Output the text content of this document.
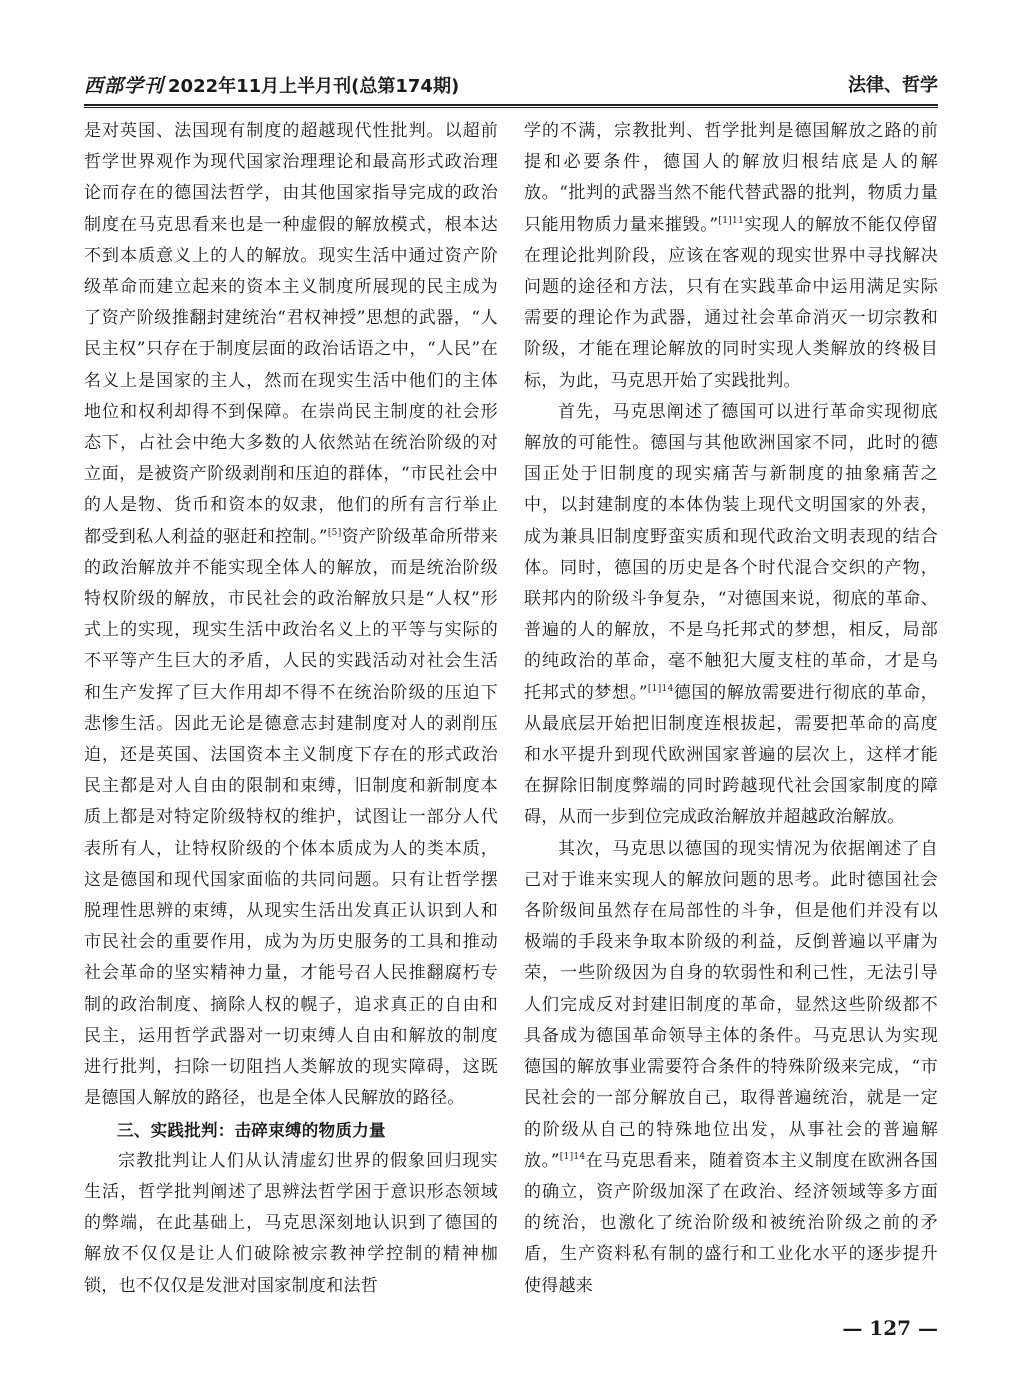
西部学刊 2022年11月上半月刊(总第174期)	法律、哲学

是对英国、法国现有制度的超越现代性批判。以超前哲学世界观作为现代国家治理理论和最高形式政治理论而存在的德国法哲学，由其他国家指导完成的政治制度在马克思看来也是一种虚假的解放模式，根本达不到本质意义上的人的解放。现实生活中通过资产阶级革命而建立起来的资本主义制度所展现的民主成为了资产阶级推翻封建统治“君权神授”思想的武器，“人民主权”只存在于制度层面的政治话语之中，“人民”在名义上是国家的主人，然而在现实生活中他们的主体地位和权利却得不到保障。在崇尚民主制度的社会形态下，占社会中绝大多数的人依然站在统治阶级的对立面，是被资产阶级剥削和压迫的群体，“市民社会中的人是物、货币和资本的奴隶，他们的所有言行举止都受到私人利益的驱赶和控制。”[5]资产阶级革命所带来的政治解放并不能实现全体人的解放，而是统治阶级特权阶级的解放，市民社会的政治解放只是“人权”形式上的实现，现实生活中政治名义上的平等与实际的不平等产生巨大的矛盾，人民的实践活动对社会生活和生产发挥了巨大作用却不得不在统治阶级的压迫下悲惨生活。因此无论是德意志封建制度对人的剥削压迫，还是英国、法国资本主义制度下存在的形式政治民主都是对人自由的限制和束缚，旧制度和新制度本质上都是对特定阶级特权的维护，试图让一部分人代表所有人，让特权阶级的个体本质成为人的类本质，这是德国和现代国家面临的共同问题。只有让哲学摆脱理性思辨的束缚，从现实生活出发真正认识到人和市民社会的重要作用，成为为历史服务的工具和推动社会革命的坚实精神力量，才能号召人民推翻腐朽专制的政治制度、摘除人权的幌子，追求真正的自由和民主，运用哲学武器对一切束缚人自由和解放的制度进行批判，扫除一切阻挡人类解放的现实障碍，这既是德国人解放的路径，也是全体人民解放的路径。

三、实践批判：击碎束缚的物质力量

宗教批判让人们从认清虚幻世界的假象回归现实生活，哲学批判阐述了思辨法哲学困于意识形态领域的弊端，在此基础上，马克思深刻地认识到了德国的解放不仅仅是让人们破除被宗教神学控制的精神枷锁，也不仅仅是发泄对国家制度和法哲

学的不满，宗教批判、哲学批判是德国解放之路的前提和必要条件，德国人的解放归根结底是人的解放。“批判的武器当然不能代替武器的批判，物质力量只能用物质力量来摧毁。”$^{[1]11}$实现人的解放不能仅停留在理论批判阶段，应该在客观的现实世界中寻找解决问题的途径和方法，只有在实践革命中运用满足实际需要的理论作为武器，通过社会革命消灭一切宗教和阶级，才能在理论解放的同时实现人类解放的终极目标，为此，马克思开始了实践批判。

首先，马克思阐述了德国可以进行革命实现彻底解放的可能性。德国与其他欧洲国家不同，此时的德国正处于旧制度的现实痛苦与新制度的抽象痛苦之中，以封建制度的本体伪装上现代文明国家的外表，成为兼具旧制度野蛮实质和现代政治文明表现的结合体。同时，德国的历史是各个时代混合交织的产物，联邦内的阶级斗争复杂，“对德国来说，彻底的革命、普遍的人的解放，不是乌托邦式的梦想，相反，局部的纯政治的革命，毫不触犯大厦支柱的革命，才是乌托邦式的梦想。”$^{[1]14}$德国的解放需要进行彻底的革命，从最底层开始把旧制度连根拔起，需要把革命的高度和水平提升到现代欧洲国家普遍的层次上，这样才能在摒除旧制度弊端的同时跨越现代社会国家制度的障碍，从而一步到位完成政治解放并超越政治解放。

其次，马克思以德国的现实情况为依据阐述了自己对于谁来实现人的解放问题的思考。此时德国社会各阶级间虽然存在局部性的斗争，但是他们并没有以极端的手段来争取本阶级的利益，反倒普遍以平庸为荣，一些阶级因为自身的软弱性和利己性，无法引导人们完成反对封建旧制度的革命，显然这些阶级都不具备成为德国革命领导主体的条件。马克思认为实现德国的解放事业需要符合条件的特殊阶级来完成，“市民社会的一部分解放自己，取得普遍统治，就是一定的阶级从自己的特殊地位出发，从事社会的普遍解放。”$^{[1]14}$在马克思看来，随着资本主义制度在欧洲各国的确立，资产阶级加深了在政治、经济领域等多方面的统治，也激化了统治阶级和被统治阶级之前的矛盾，生产资料私有制的盛行和工业化水平的逐步提升使得越来

— 127 —
